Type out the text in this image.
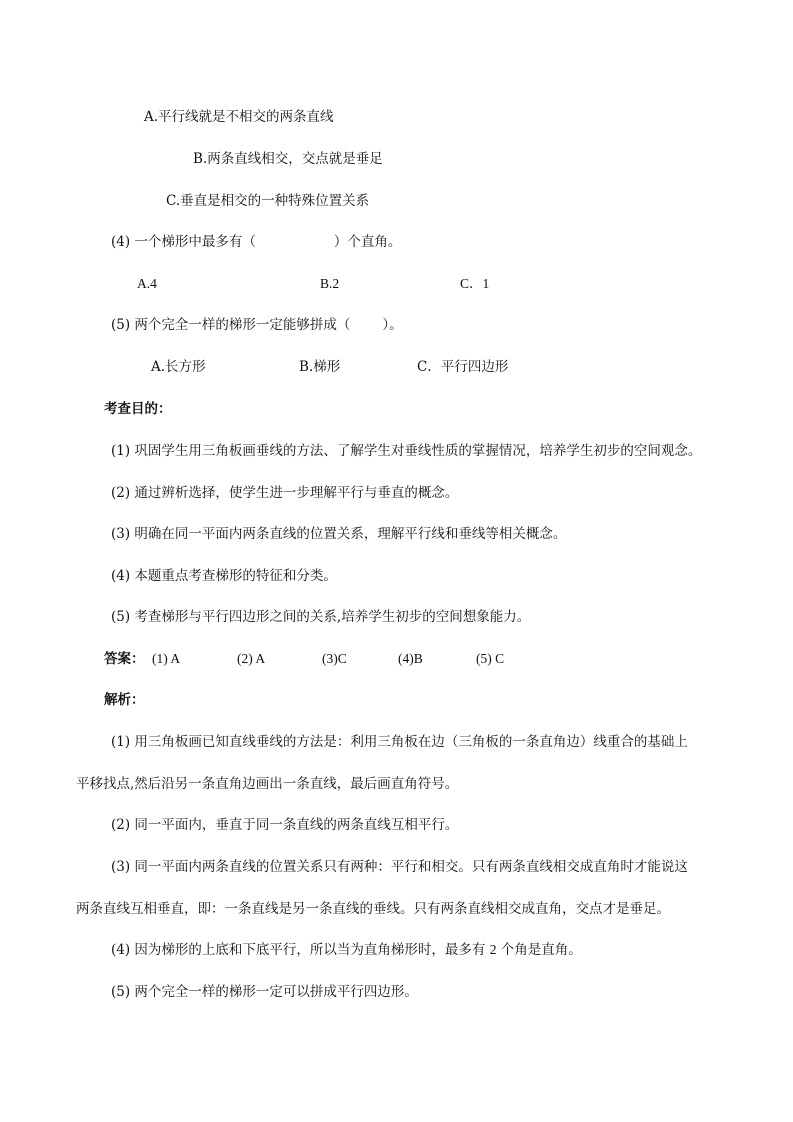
A.平行线就是不相交的两条直线
B.两条直线相交，交点就是垂足
C.垂直是相交的一种特殊位置关系
(4) 一个梯形中最多有（	）个直角。
A.4	B.2	C．1
(5) 两个完全一样的梯形一定能够拼成（ ）。
A.长方形	B.梯形	C．平行四边形
考查目的：
(1) 巩固学生用三角板画垂线的方法、了解学生对垂线性质的掌握情况，培养学生初步的空间观念。
(2) 通过辨析选择，使学生进一步理解平行与垂直的概念。
(3) 明确在同一平面内两条直线的位置关系，理解平行线和垂线等相关概念。
(4) 本题重点考查梯形的特征和分类。
(5) 考查梯形与平行四边形之间的关系,培养学生初步的空间想象能力。
答案： (1) A	(2) A	(3)C	(4)B	(5) C
解析：
(1) 用三角板画已知直线垂线的方法是：利用三角板在边（三角板的一条直角边）线重合的基础上
平移找点,然后沿另一条直角边画出一条直线，最后画直角符号。
(2) 同一平面内，垂直于同一条直线的两条直线互相平行。
(3) 同一平面内两条直线的位置关系只有两种：平行和相交。只有两条直线相交成直角时才能说这
两条直线互相垂直，即：一条直线是另一条直线的垂线。只有两条直线相交成直角，交点才是垂足。
(4) 因为梯形的上底和下底平行，所以当为直角梯形时，最多有 2 个角是直角。
(5) 两个完全一样的梯形一定可以拼成平行四边形。
